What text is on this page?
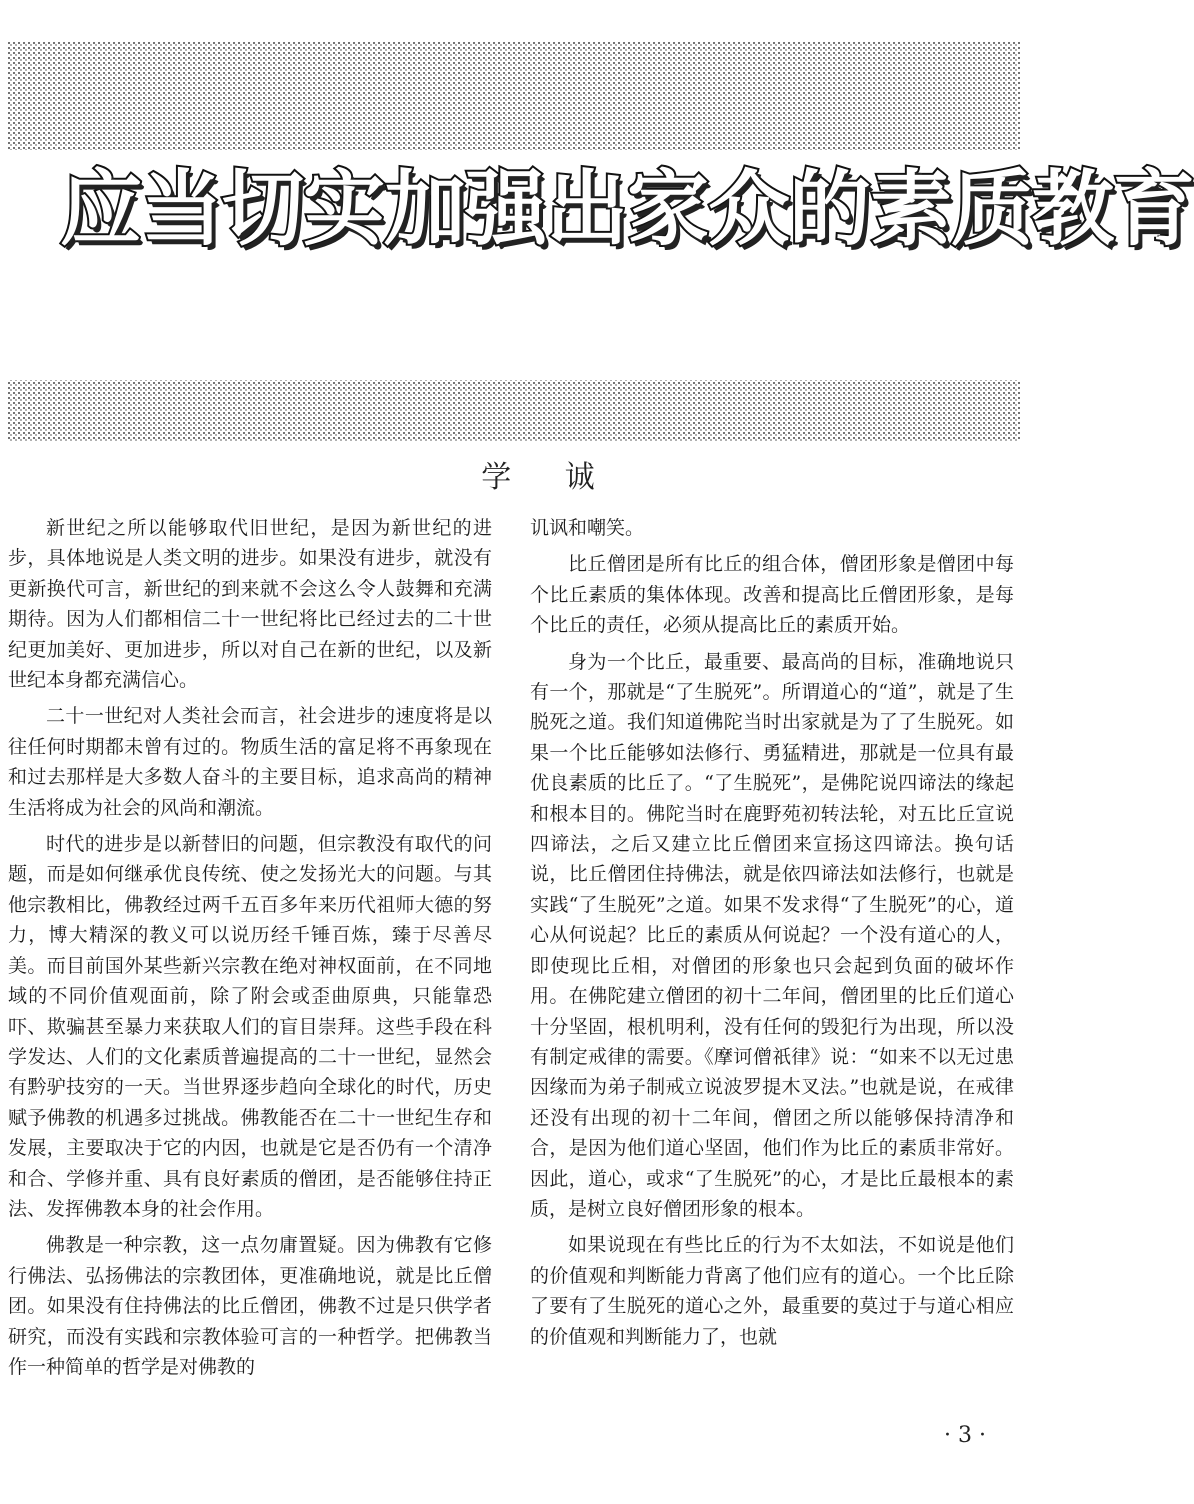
应当切实加强出家众的素质教育
学 诚

新世纪之所以能够取代旧世纪，是因为新世纪的进步，具体地说是人类文明的进步。如果没有进步，就没有更新换代可言，新世纪的到来就不会这么令人鼓舞和充满期待。因为人们都相信二十一世纪将比已经过去的二十世纪更加美好、更加进步，所以对自己在新的世纪，以及新世纪本身都充满信心。

二十一世纪对人类社会而言，社会进步的速度将是以往任何时期都未曾有过的。物质生活的富足将不再象现在和过去那样是大多数人奋斗的主要目标，追求高尚的精神生活将成为社会的风尚和潮流。

时代的进步是以新替旧的问题，但宗教没有取代的问题，而是如何继承优良传统、使之发扬光大的问题。与其他宗教相比，佛教经过两千五百多年来历代祖师大德的努力，博大精深的教义可以说历经千锤百炼，臻于尽善尽美。而目前国外某些新兴宗教在绝对神权面前，在不同地域的不同价值观面前，除了附会或歪曲原典，只能靠恐吓、欺骗甚至暴力来获取人们的盲目崇拜。这些手段在科学发达、人们的文化素质普遍提高的二十一世纪，显然会有黔驴技穷的一天。当世界逐步趋向全球化的时代，历史赋予佛教的机遇多过挑战。佛教能否在二十一世纪生存和发展，主要取决于它的内因，也就是它是否仍有一个清净和合、学修并重、具有良好素质的僧团，是否能够住持正法、发挥佛教本身的社会作用。

佛教是一种宗教，这一点勿庸置疑。因为佛教有它修行佛法、弘扬佛法的宗教团体，更准确地说，就是比丘僧团。如果没有住持佛法的比丘僧团，佛教不过是只供学者研究，而没有实践和宗教体验可言的一种哲学。把佛教当作一种简单的哲学是对佛教的

讥讽和嘲笑。

比丘僧团是所有比丘的组合体，僧团形象是僧团中每个比丘素质的集体体现。改善和提高比丘僧团形象，是每个比丘的责任，必须从提高比丘的素质开始。

身为一个比丘，最重要、最高尚的目标，准确地说只有一个，那就是“了生脱死”。所谓道心的“道”，就是了生脱死之道。我们知道佛陀当时出家就是为了了生脱死。如果一个比丘能够如法修行、勇猛精进，那就是一位具有最优良素质的比丘了。“了生脱死”，是佛陀说四谛法的缘起和根本目的。佛陀当时在鹿野苑初转法轮，对五比丘宣说四谛法，之后又建立比丘僧团来宣扬这四谛法。换句话说，比丘僧团住持佛法，就是依四谛法如法修行，也就是实践“了生脱死”之道。如果不发求得“了生脱死”的心，道心从何说起？比丘的素质从何说起？一个没有道心的人，即使现比丘相，对僧团的形象也只会起到负面的破坏作用。在佛陀建立僧团的初十二年间，僧团里的比丘们道心十分坚固，根机明利，没有任何的毁犯行为出现，所以没有制定戒律的需要。《摩诃僧祇律》说：“如来不以无过患因缘而为弟子制戒立说波罗提木叉法。”也就是说，在戒律还没有出现的初十二年间，僧团之所以能够保持清净和合，是因为他们道心坚固，他们作为比丘的素质非常好。因此，道心，或求“了生脱死”的心，才是比丘最根本的素质，是树立良好僧团形象的根本。

如果说现在有些比丘的行为不太如法，不如说是他们的价值观和判断能力背离了他们应有的道心。一个比丘除了要有了生脱死的道心之外，最重要的莫过于与道心相应的价值观和判断能力了，也就

· 3 ·
